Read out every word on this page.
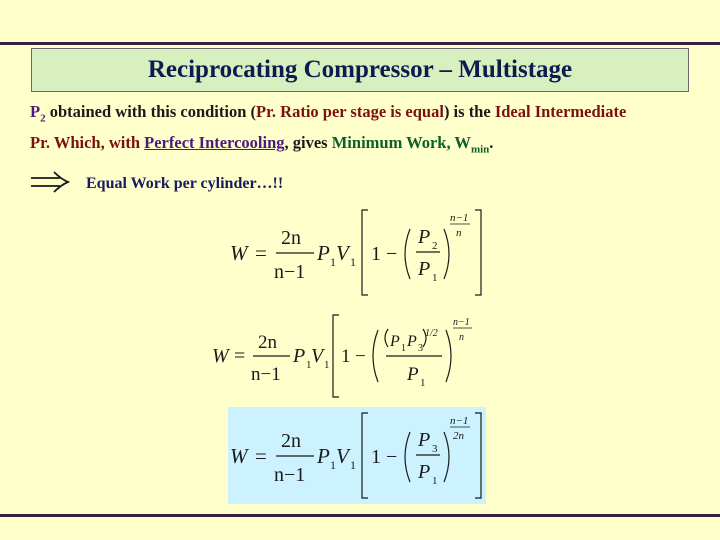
Reciprocating Compressor – Multistage
$P_2$ obtained with this condition (Pr. Ratio per stage is equal) is the Ideal Intermediate
Pr. Which, with Perfect Intercooling, gives Minimum Work, $W_{min}$.
Equal Work per cylinder…!!
W =
2n
n−1
P 1 V 1 1 −
P 2
P 1
n−1
n
W =
2n
n−1
P 1 V 1 1 −
P 1 P 3
1/2
P 1
n−1
n
W =
2n
n−1
P 1 V 1 1 −
P 3
P 1
n−1
2n
